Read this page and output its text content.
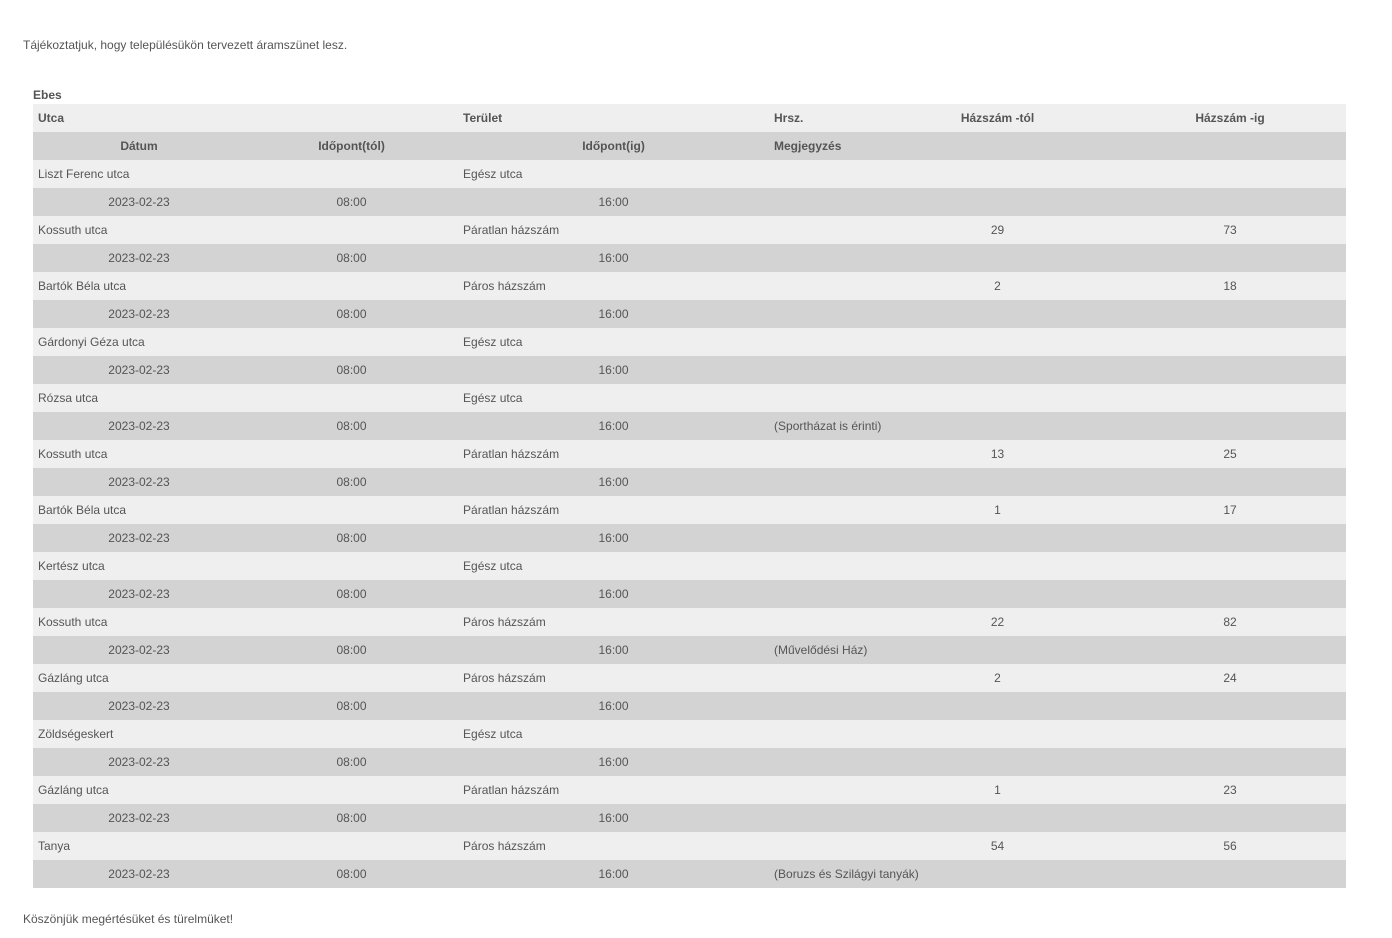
Tájékoztatjuk, hogy településükön tervezett áramszünet lesz.

Ebes

Utca		Terület	Hrsz.	Házszám -tól	Házszám -ig
Dátum	Időpont(tól)	Időpont(ig)	Megjegyzés		
Liszt Ferenc utca		Egész utca			
2023-02-23	08:00	16:00			
Kossuth utca		Páratlan házszám		29	73
2023-02-23	08:00	16:00			
Bartók Béla utca		Páros házszám		2	18
2023-02-23	08:00	16:00			
Gárdonyi Géza utca		Egész utca			
2023-02-23	08:00	16:00			
Rózsa utca		Egész utca			
2023-02-23	08:00	16:00	(Sportházat is érinti)		
Kossuth utca		Páratlan házszám		13	25
2023-02-23	08:00	16:00			
Bartók Béla utca		Páratlan házszám		1	17
2023-02-23	08:00	16:00			
Kertész utca		Egész utca			
2023-02-23	08:00	16:00			
Kossuth utca		Páros házszám		22	82
2023-02-23	08:00	16:00	(Művelődési Ház)		
Gázláng utca		Páros házszám		2	24
2023-02-23	08:00	16:00			
Zöldségeskert		Egész utca			
2023-02-23	08:00	16:00			
Gázláng utca		Páratlan házszám		1	23
2023-02-23	08:00	16:00			
Tanya		Páros házszám		54	56
2023-02-23	08:00	16:00	(Boruzs és Szilágyi tanyák)		

Köszönjük megértésüket és türelmüket!
